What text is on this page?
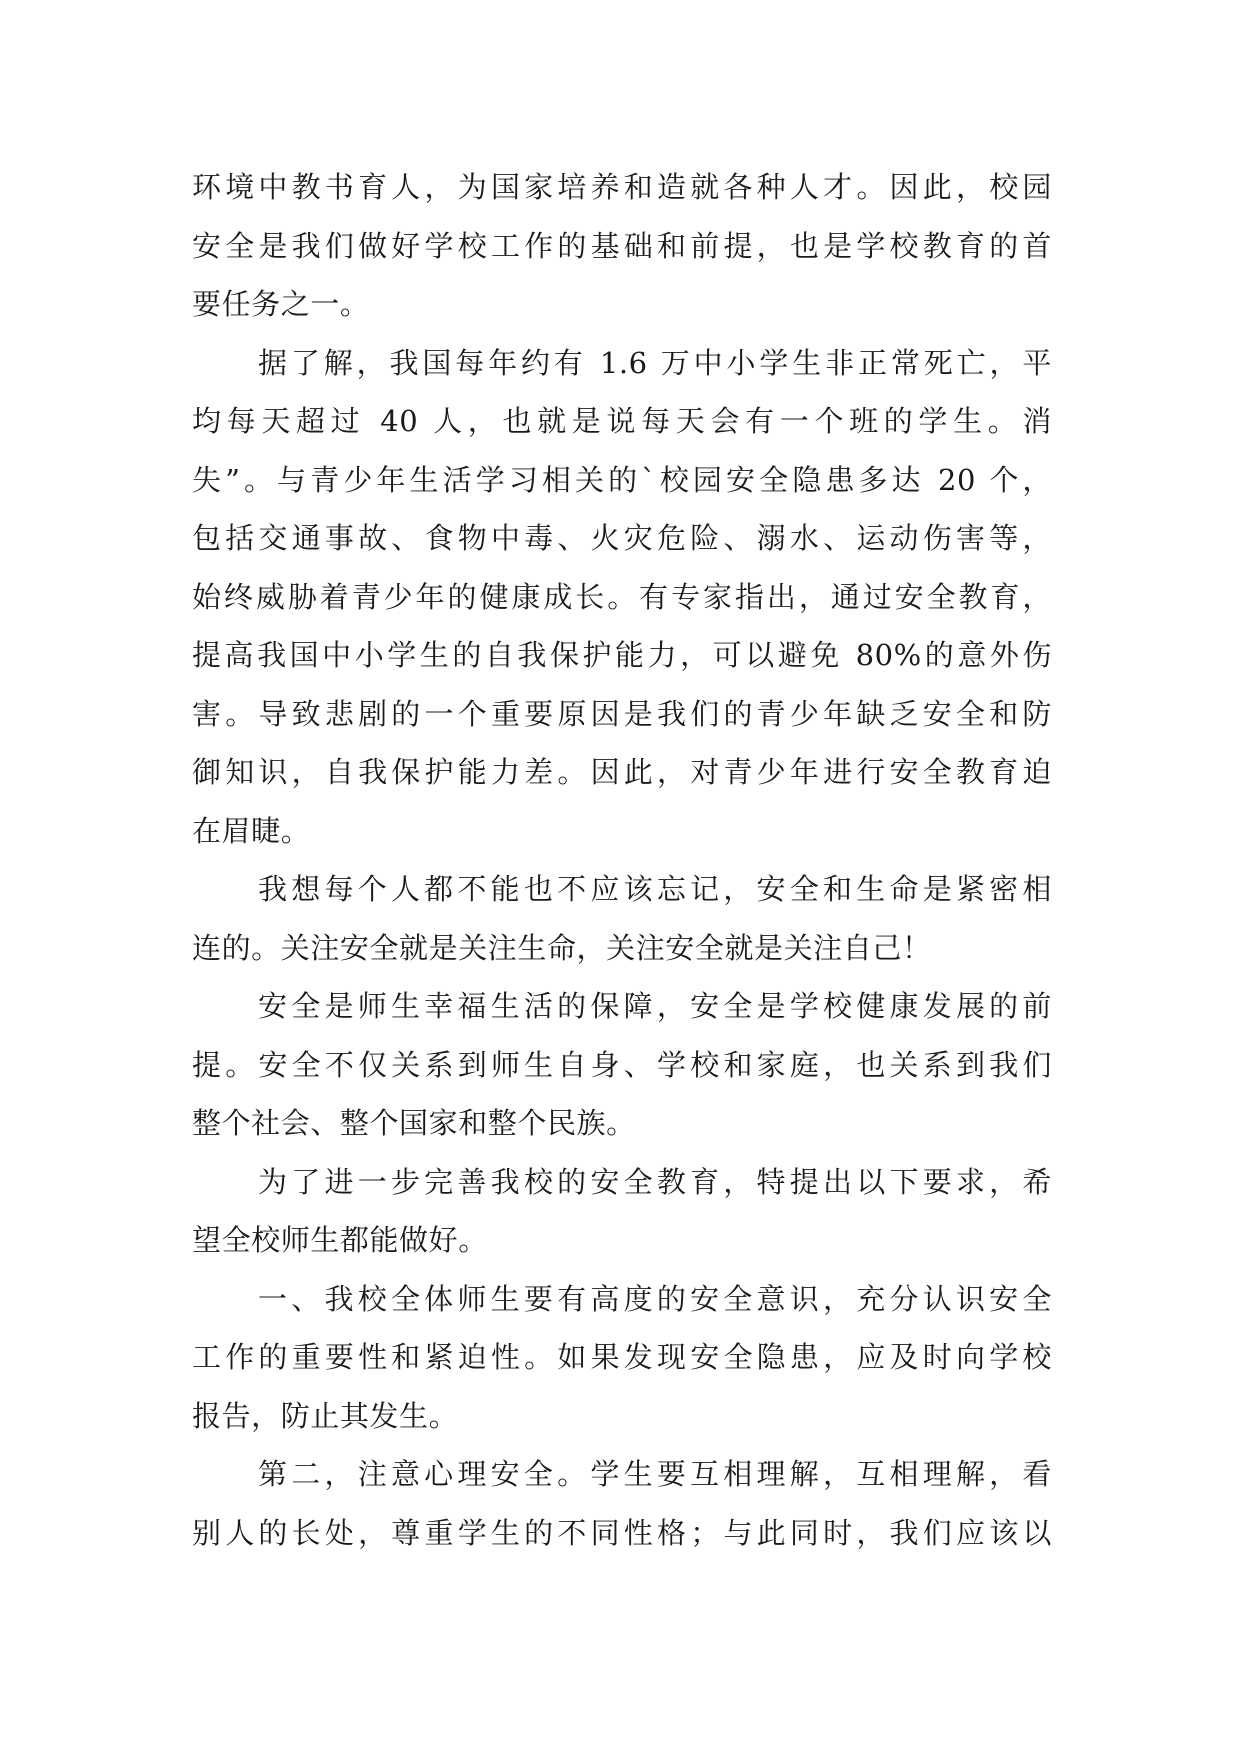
环境中教书育人，为国家培养和造就各种人才。因此，校园
安全是我们做好学校工作的基础和前提，也是学校教育的首
要任务之一。
据了解，我国每年约有 1.6 万中小学生非正常死亡，平
均每天超过 40 人，也就是说每天会有一个班的学生。消
失”。与青少年生活学习相关的`校园安全隐患多达 20 个，
包括交通事故、食物中毒、火灾危险、溺水、运动伤害等，
始终威胁着青少年的健康成长。有专家指出，通过安全教育，
提高我国中小学生的自我保护能力，可以避免 80%的意外伤
害。导致悲剧的一个重要原因是我们的青少年缺乏安全和防
御知识，自我保护能力差。因此，对青少年进行安全教育迫
在眉睫。
我想每个人都不能也不应该忘记，安全和生命是紧密相
连的。关注安全就是关注生命，关注安全就是关注自己！
安全是师生幸福生活的保障，安全是学校健康发展的前
提。安全不仅关系到师生自身、学校和家庭，也关系到我们
整个社会、整个国家和整个民族。
为了进一步完善我校的安全教育，特提出以下要求，希
望全校师生都能做好。
一、我校全体师生要有高度的安全意识，充分认识安全
工作的重要性和紧迫性。如果发现安全隐患，应及时向学校
报告，防止其发生。
第二，注意心理安全。学生要互相理解，互相理解，看
别人的长处，尊重学生的不同性格；与此同时，我们应该以
